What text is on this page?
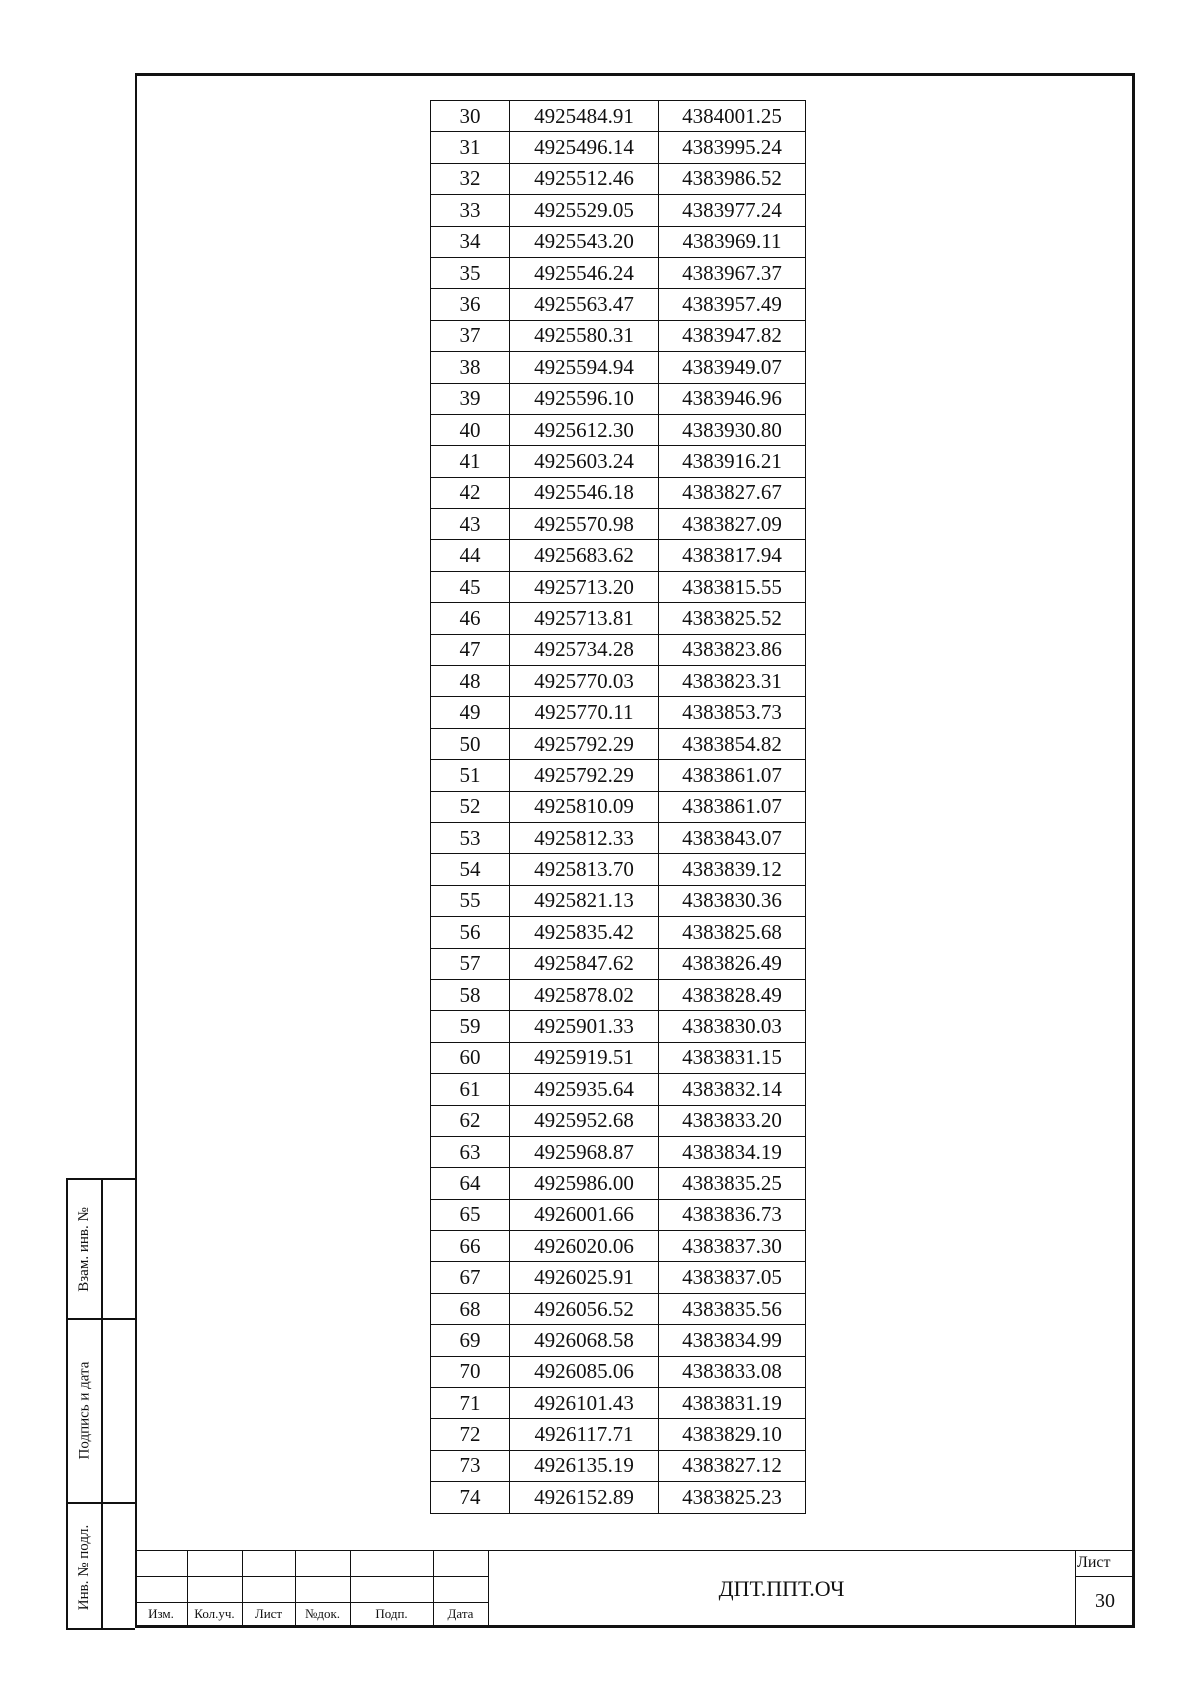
Взам. инв. №
Подпись и дата
Инв. № подл.
30	4925484.91	4384001.25
31	4925496.14	4383995.24
32	4925512.46	4383986.52
33	4925529.05	4383977.24
34	4925543.20	4383969.11
35	4925546.24	4383967.37
36	4925563.47	4383957.49
37	4925580.31	4383947.82
38	4925594.94	4383949.07
39	4925596.10	4383946.96
40	4925612.30	4383930.80
41	4925603.24	4383916.21
42	4925546.18	4383827.67
43	4925570.98	4383827.09
44	4925683.62	4383817.94
45	4925713.20	4383815.55
46	4925713.81	4383825.52
47	4925734.28	4383823.86
48	4925770.03	4383823.31
49	4925770.11	4383853.73
50	4925792.29	4383854.82
51	4925792.29	4383861.07
52	4925810.09	4383861.07
53	4925812.33	4383843.07
54	4925813.70	4383839.12
55	4925821.13	4383830.36
56	4925835.42	4383825.68
57	4925847.62	4383826.49
58	4925878.02	4383828.49
59	4925901.33	4383830.03
60	4925919.51	4383831.15
61	4925935.64	4383832.14
62	4925952.68	4383833.20
63	4925968.87	4383834.19
64	4925986.00	4383835.25
65	4926001.66	4383836.73
66	4926020.06	4383837.30
67	4926025.91	4383837.05
68	4926056.52	4383835.56
69	4926068.58	4383834.99
70	4926085.06	4383833.08
71	4926101.43	4383831.19
72	4926117.71	4383829.10
73	4926135.19	4383827.12
74	4926152.89	4383825.23
Изм.	Кол.уч.	Лист	№док.	Подп.	Дата
ДПТ.ППТ.ОЧ
Лист
30
